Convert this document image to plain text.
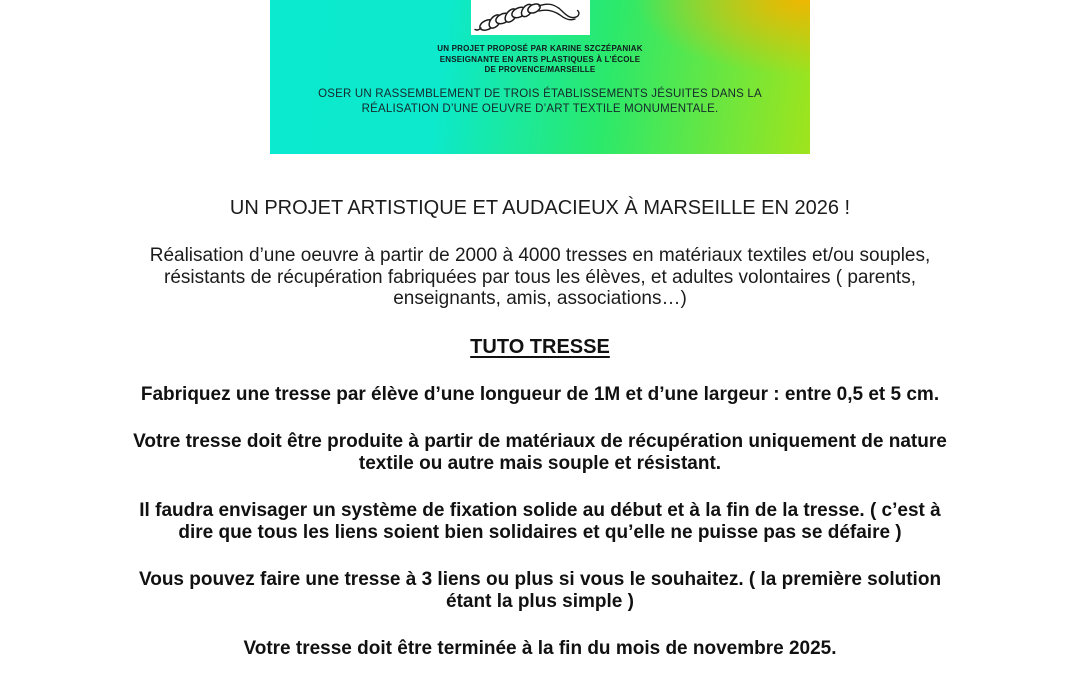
UN PROJET PROPOSÉ PAR KARINE SZCZÉPANIAK
ENSEIGNANTE EN ARTS PLASTIQUES À L’ÉCOLE
DE PROVENCE/MARSEILLE
OSER UN RASSEMBLEMENT DE TROIS ÉTABLISSEMENTS JÉSUITES DANS LA
RÉALISATION D’UNE OEUVRE D’ART TEXTILE MONUMENTALE.
UN PROJET ARTISTIQUE ET AUDACIEUX À MARSEILLE EN 2026 !
Réalisation d’une oeuvre à partir de 2000 à 4000 tresses en matériaux textiles et/ou souples,
résistants de récupération fabriquées par tous les élèves, et adultes volontaires ( parents,
enseignants, amis, associations…)
TUTO TRESSE
Fabriquez une tresse par élève d’une longueur de 1M et d’une largeur : entre 0,5 et 5 cm.
Votre tresse doit être produite à partir de matériaux de récupération uniquement de nature
textile ou autre mais souple et résistant.
Il faudra envisager un système de fixation solide au début et à la fin de la tresse. ( c’est à
dire que tous les liens soient bien solidaires et qu’elle ne puisse pas se défaire )
Vous pouvez faire une tresse à 3 liens ou plus si vous le souhaitez. ( la première solution
étant la plus simple )
Votre tresse doit être terminée à la fin du mois de novembre 2025.
